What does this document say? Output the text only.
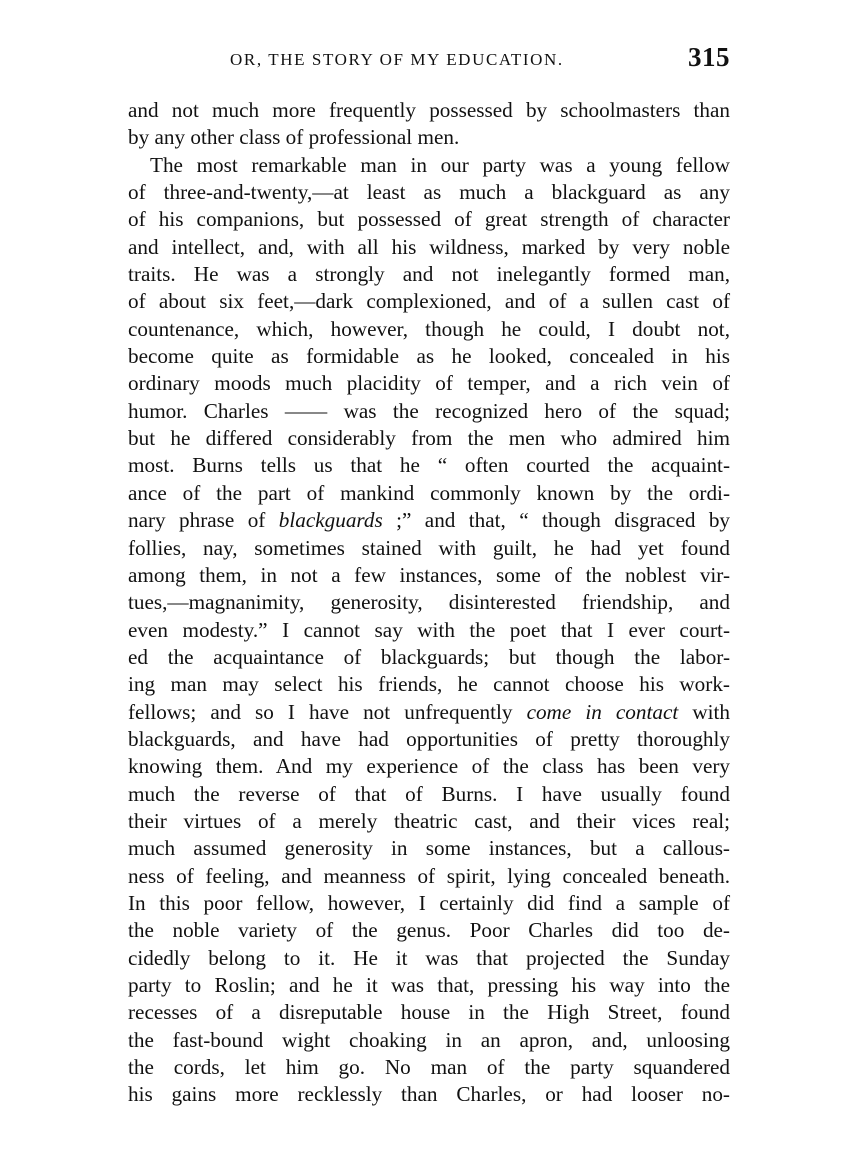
OR, THE STORY OF MY EDUCATION.	315
and not much more frequently possessed by schoolmasters than
by any other class of professional men.
The most remarkable man in our party was a young fellow
of three-and-twenty,—at least as much a blackguard as any
of his companions, but possessed of great strength of character
and intellect, and, with all his wildness, marked by very noble
traits. He was a strongly and not inelegantly formed man,
of about six feet,—dark complexioned, and of a sullen cast of
countenance, which, however, though he could, I doubt not,
become quite as formidable as he looked, concealed in his
ordinary moods much placidity of temper, and a rich vein of
humor. Charles —— was the recognized hero of the squad;
but he differed considerably from the men who admired him
most. Burns tells us that he “ often courted the acquaint-
ance of the part of mankind commonly known by the ordi-
nary phrase of blackguards ;” and that, “ though disgraced by
follies, nay, sometimes stained with guilt, he had yet found
among them, in not a few instances, some of the noblest vir-
tues,—magnanimity, generosity, disinterested friendship, and
even modesty.” I cannot say with the poet that I ever court-
ed the acquaintance of blackguards; but though the labor-
ing man may select his friends, he cannot choose his work-
fellows; and so I have not unfrequently come in contact with
blackguards, and have had opportunities of pretty thoroughly
knowing them. And my experience of the class has been very
much the reverse of that of Burns. I have usually found
their virtues of a merely theatric cast, and their vices real;
much assumed generosity in some instances, but a callous-
ness of feeling, and meanness of spirit, lying concealed beneath.
In this poor fellow, however, I certainly did find a sample of
the noble variety of the genus. Poor Charles did too de-
cidedly belong to it. He it was that projected the Sunday
party to Roslin; and he it was that, pressing his way into the
recesses of a disreputable house in the High Street, found
the fast-bound wight choaking in an apron, and, unloosing
the cords, let him go. No man of the party squandered
his gains more recklessly than Charles, or had looser no-
